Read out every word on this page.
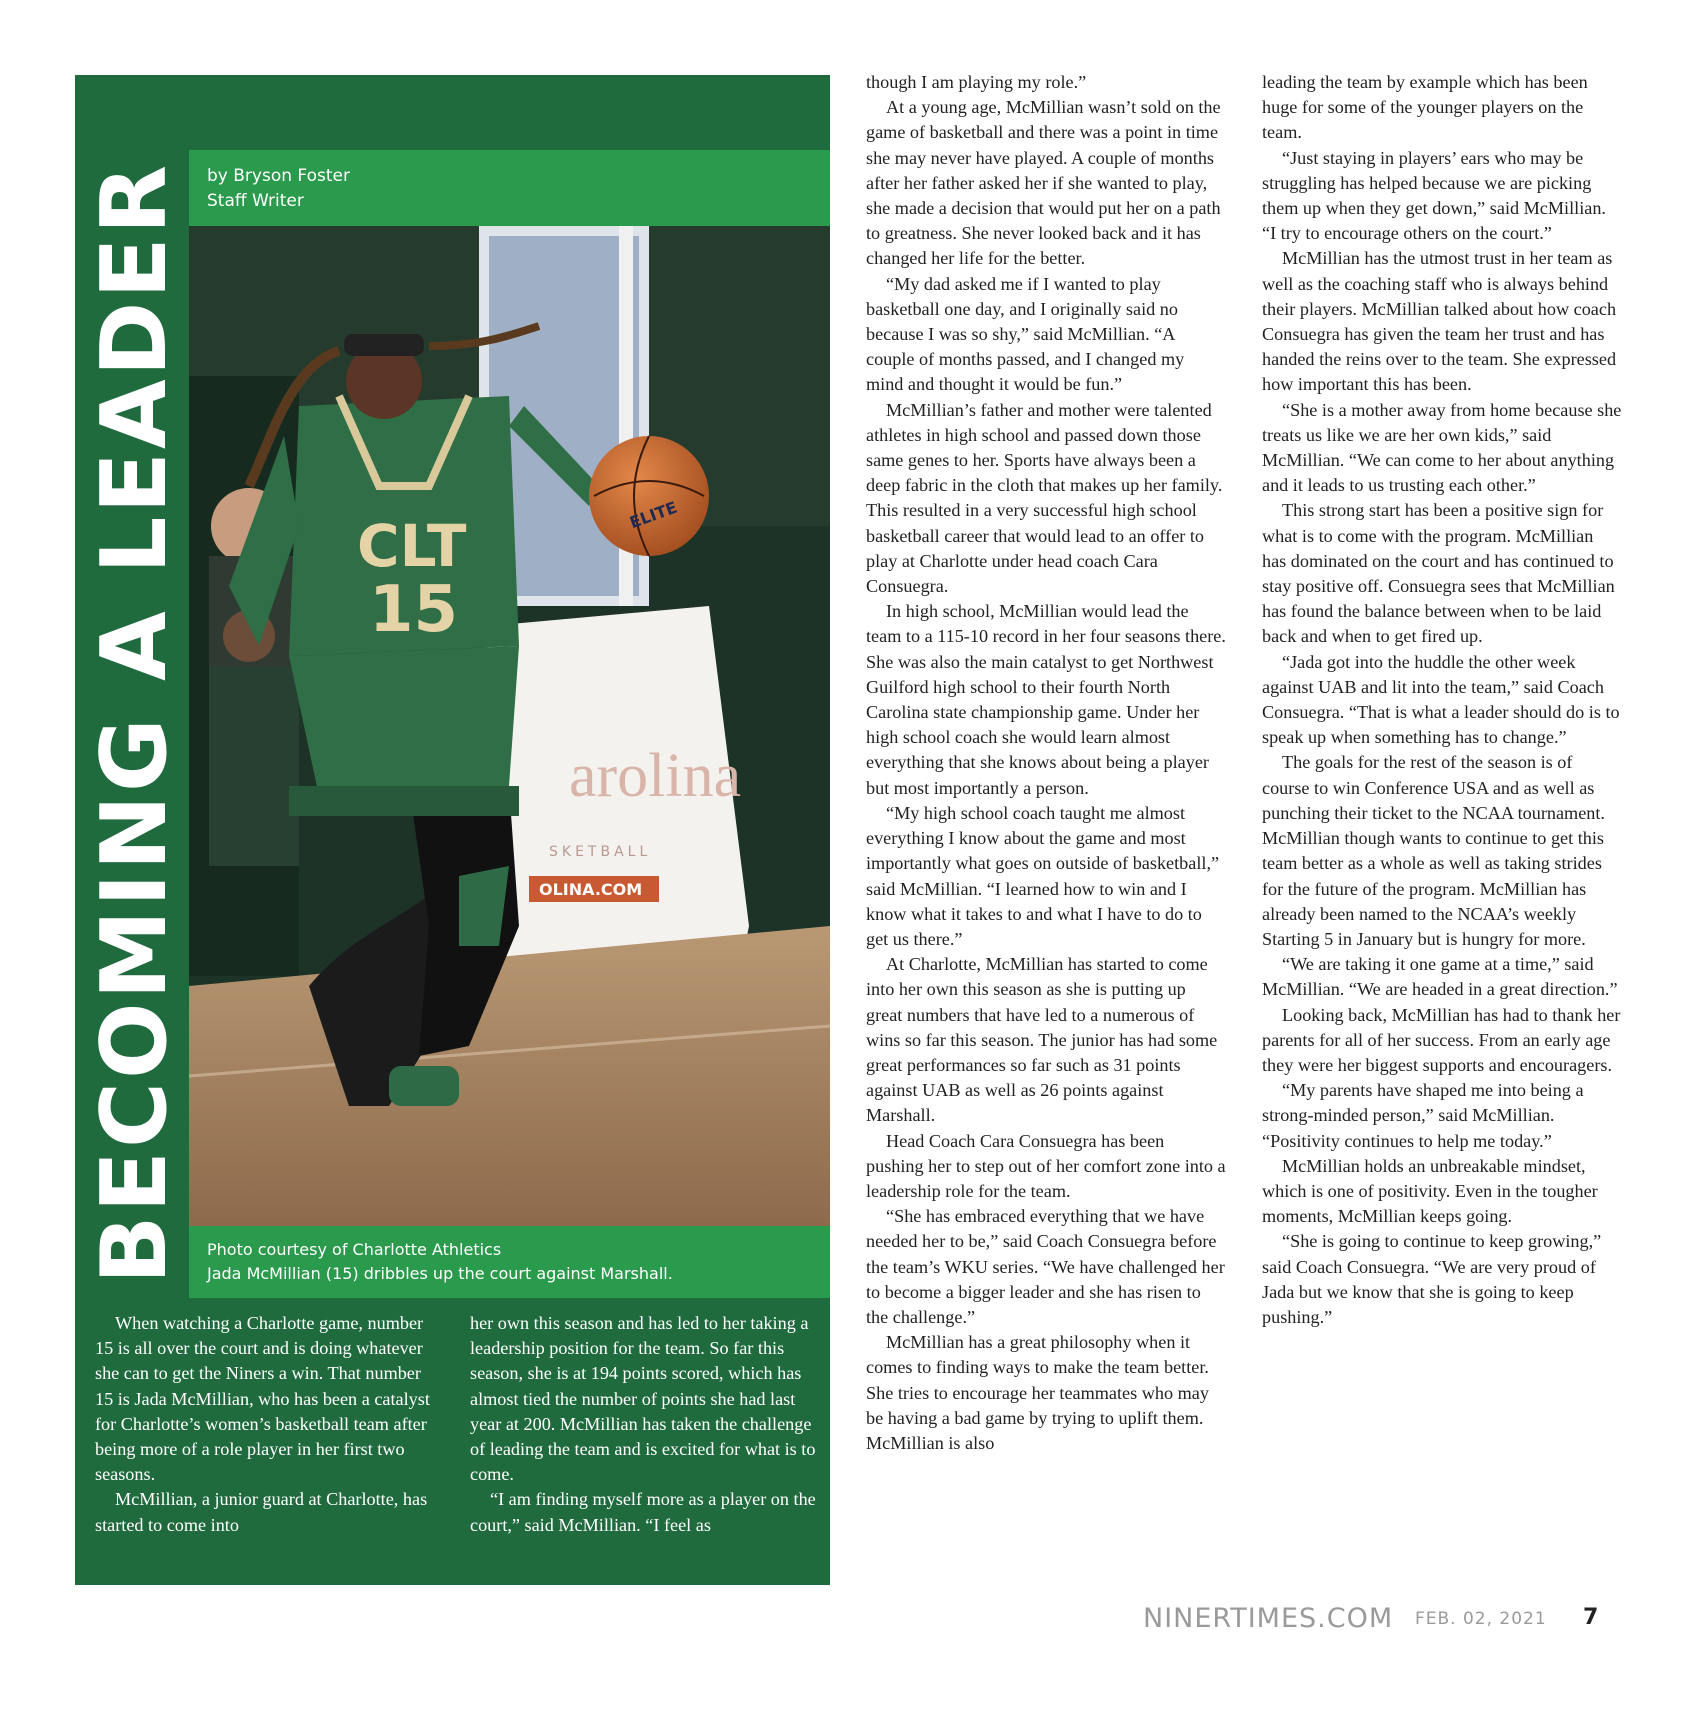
BECOMING A LEADER	by Bryson Foster
Staff Writer
arolina
SKETBALL
OLINA.COM
CLT
15
ELITE
Photo courtesy of Charlotte Athletics
Jada McMillian (15) dribbles up the court against Marshall.

When watching a Charlotte game, number 15 is all over the court and is doing whatever she can to get the Niners a win. That number 15 is Jada McMillian, who has been a catalyst for Charlotte’s women’s basketball team after being more of a role player in her first two seasons.

McMillian, a junior guard at Charlotte, has started to come into

her own this season and has led to her taking a leadership position for the team. So far this season, she is at 194 points scored, which has almost tied the number of points she had last year at 200. McMillian has taken the challenge of leading the team and is excited for what is to come.

“I am finding myself more as a player on the court,” said McMillian. “I feel as

though I am playing my role.”

At a young age, McMillian wasn’t sold on the game of basketball and there was a point in time she may never have played. A couple of months after her father asked her if she wanted to play, she made a decision that would put her on a path to greatness. She never looked back and it has changed her life for the better.

“My dad asked me if I wanted to play basketball one day, and I originally said no because I was so shy,” said McMillian. “A couple of months passed, and I changed my mind and thought it would be fun.”

McMillian’s father and mother were talented athletes in high school and passed down those same genes to her. Sports have always been a deep fabric in the cloth that makes up her family. This resulted in a very successful high school basketball career that would lead to an offer to play at Charlotte under head coach Cara Consuegra.

In high school, McMillian would lead the team to a 115-10 record in her four seasons there. She was also the main catalyst to get Northwest Guilford high school to their fourth North Carolina state championship game. Under her high school coach she would learn almost everything that she knows about being a player but most importantly a person.

“My high school coach taught me almost everything I know about the game and most importantly what goes on outside of basketball,” said McMillian. “I learned how to win and I know what it takes to and what I have to do to get us there.”

At Charlotte, McMillian has started to come into her own this season as she is putting up great numbers that have led to a numerous of wins so far this season. The junior has had some great performances so far such as 31 points against UAB as well as 26 points against Marshall.

Head Coach Cara Consuegra has been pushing her to step out of her comfort zone into a leadership role for the team.

“She has embraced everything that we have needed her to be,” said Coach Consuegra before the team’s WKU series. “We have challenged her to become a bigger leader and she has risen to the challenge.”

McMillian has a great philosophy when it comes to finding ways to make the team better. She tries to encourage her teammates who may be having a bad game by trying to uplift them. McMillian is also

leading the team by example which has been huge for some of the younger players on the team.

“Just staying in players’ ears who may be struggling has helped because we are picking them up when they get down,” said McMillian. “I try to encourage others on the court.”

McMillian has the utmost trust in her team as well as the coaching staff who is always behind their players. McMillian talked about how coach Consuegra has given the team her trust and has handed the reins over to the team. She expressed how important this has been.

“She is a mother away from home because she treats us like we are her own kids,” said McMillian. “We can come to her about anything and it leads to us trusting each other.”

This strong start has been a positive sign for what is to come with the program. McMillian has dominated on the court and has continued to stay positive off. Consuegra sees that McMillian has found the balance between when to be laid back and when to get fired up.

“Jada got into the huddle the other week against UAB and lit into the team,” said Coach Consuegra. “That is what a leader should do is to speak up when something has to change.”

The goals for the rest of the season is of course to win Conference USA and as well as punching their ticket to the NCAA tournament. McMillian though wants to continue to get this team better as a whole as well as taking strides for the future of the program. McMillian has already been named to the NCAA’s weekly Starting 5 in January but is hungry for more.

“We are taking it one game at a time,” said McMillian. “We are headed in a great direction.”

Looking back, McMillian has had to thank her parents for all of her success. From an early age they were her biggest supports and encouragers.

“My parents have shaped me into being a strong-minded person,” said McMillian. “Positivity continues to help me today.”

McMillian holds an unbreakable mindset, which is one of positivity. Even in the tougher moments, McMillian keeps going.

“She is going to continue to keep growing,” said Coach Consuegra. “We are very proud of Jada but we know that she is going to keep pushing.”

NINERTIMES.COM FEB. 02, 2021 7
